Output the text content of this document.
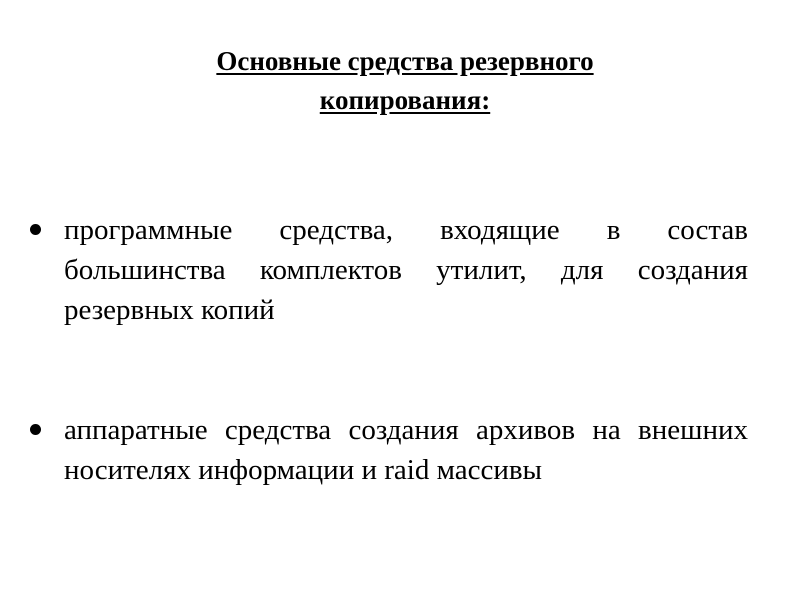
Основные средства резервного
копирования:
программные средства, входящие в состав большинства комплектов утилит, для создания резервных копий
аппаратные средства создания архивов на внешних носителях информации и raid массивы
